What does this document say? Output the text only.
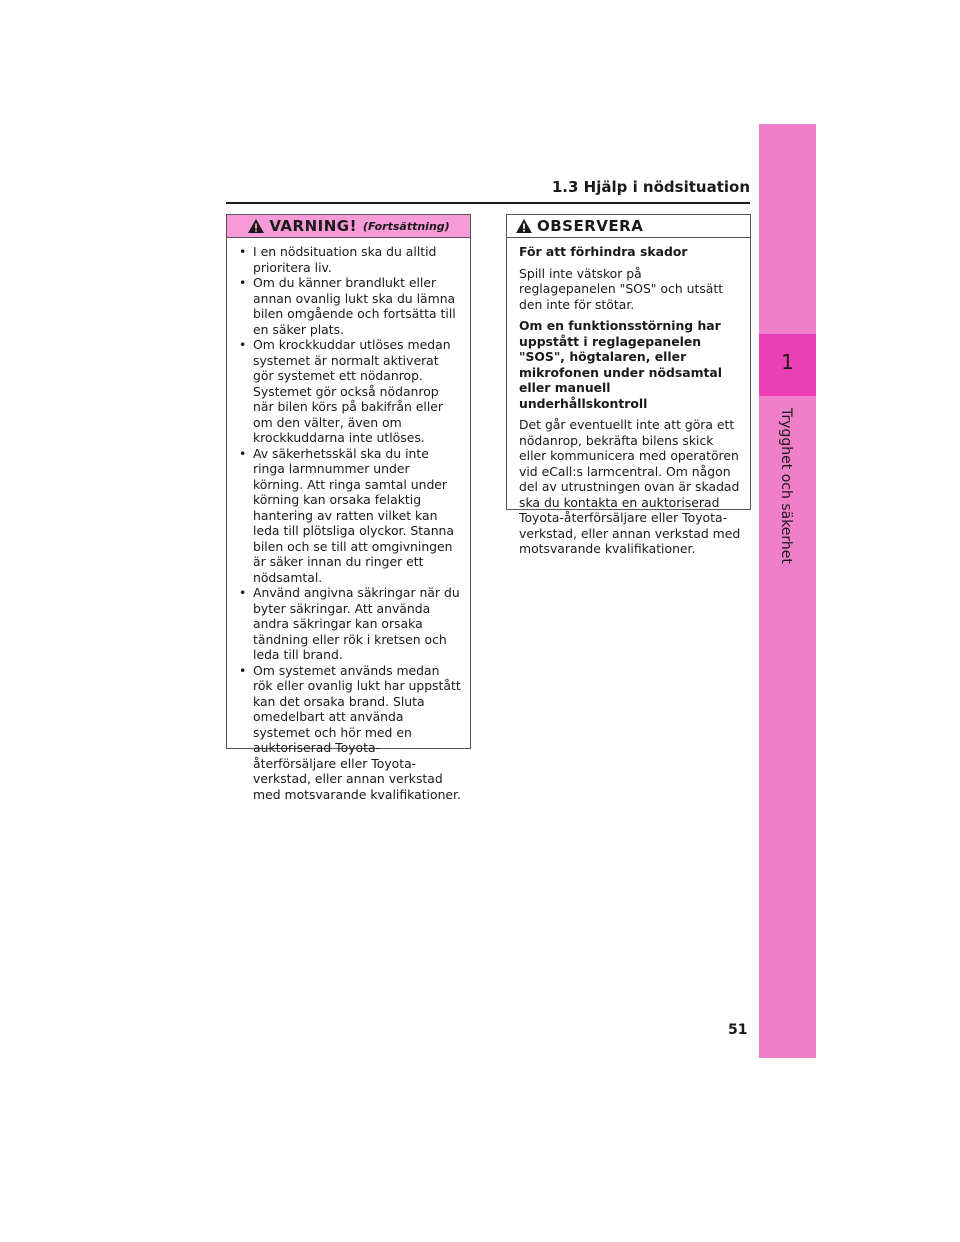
1.3 Hjälp i nödsituation
1
Trygghet och säkerhet
VARNING! (Fortsättning)
• I en nödsituation ska du alltid prioritera liv.
• Om du känner brandlukt eller annan ovanlig lukt ska du lämna bilen omgående och fortsätta till en säker plats.
• Om krockkuddar utlöses medan systemet är normalt aktiverat gör systemet ett nödanrop. Systemet gör också nödanrop när bilen körs på bakifrån eller om den välter, även om krockkuddarna inte utlöses.
• Av säkerhetsskäl ska du inte ringa larmnummer under körning. Att ringa samtal under körning kan orsaka felaktig hantering av ratten vilket kan leda till plötsliga olyckor. Stanna bilen och se till att omgivningen är säker innan du ringer ett nödsamtal.
• Använd angivna säkringar när du byter säkringar. Att använda andra säkringar kan orsaka tändning eller rök i kretsen och leda till brand.
• Om systemet används medan rök eller ovanlig lukt har uppstått kan det orsaka brand. Sluta omedelbart att använda systemet och hör med en auktoriserad Toyota-återförsäljare eller Toyota-verkstad, eller annan verkstad med motsvarande kvalifikationer.
OBSERVERA

För att förhindra skador

Spill inte vätskor på reglagepanelen "SOS" och utsätt den inte för stötar.

Om en funktionsstörning har uppstått i reglagepanelen "SOS", högtalaren, eller mikrofonen under nödsamtal eller manuell underhållskontroll

Det går eventuellt inte att göra ett nödanrop, bekräfta bilens skick eller kommunicera med operatören vid eCall:s larmcentral. Om någon del av utrustningen ovan är skadad ska du kontakta en auktoriserad Toyota-återförsäljare eller Toyota-verkstad, eller annan verkstad med motsvarande kvalifikationer.

51
